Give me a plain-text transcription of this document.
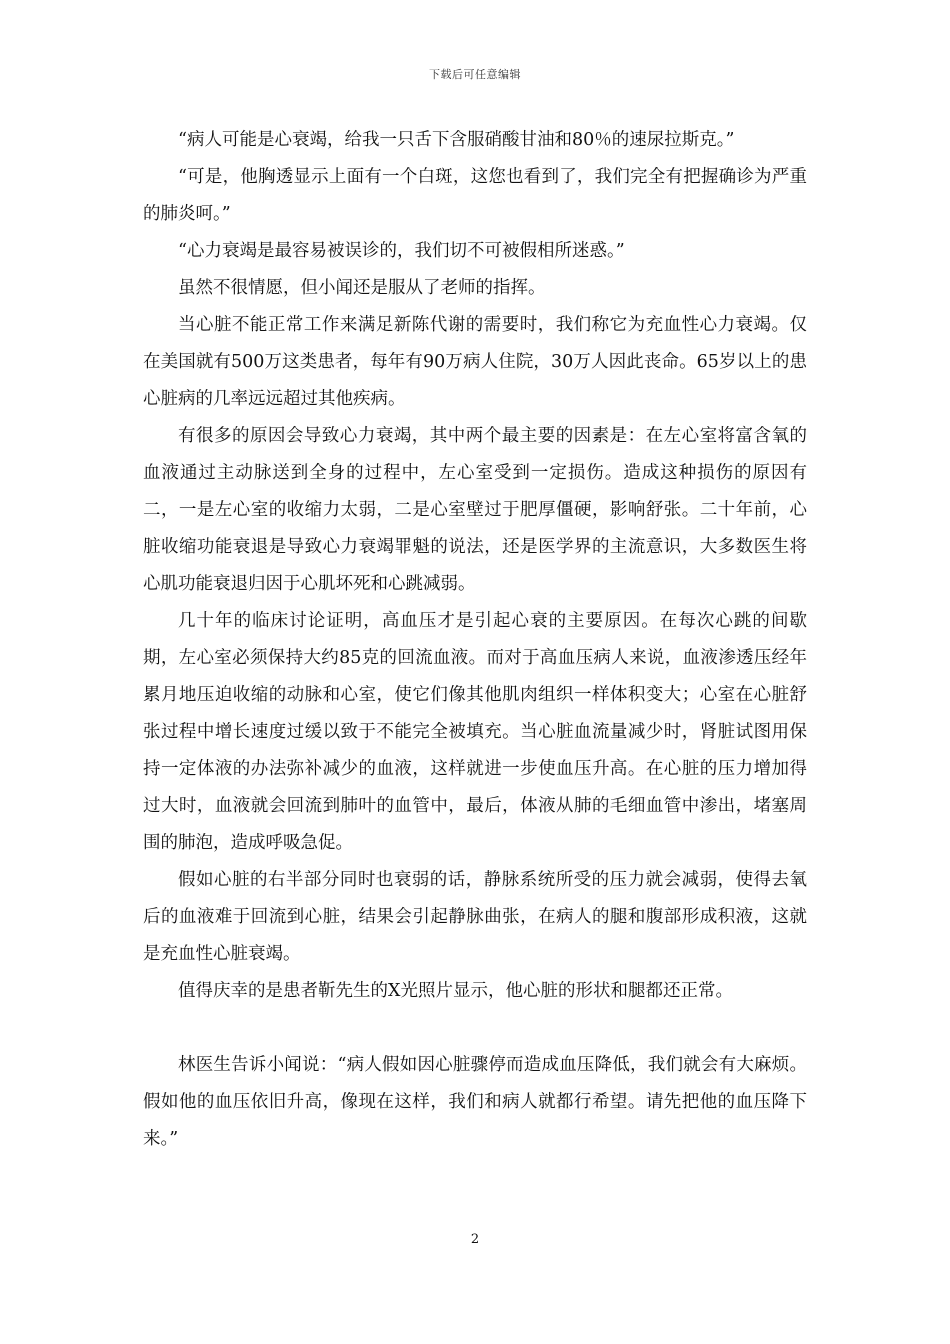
下载后可任意编辑

“病人可能是心衰竭，给我一只舌下含服硝酸甘油和80％的速尿拉斯克。”

“可是，他胸透显示上面有一个白斑，这您也看到了，我们完全有把握确诊为严重的肺炎呵。”

“心力衰竭是最容易被误诊的，我们切不可被假相所迷惑。”

虽然不很情愿，但小闻还是服从了老师的指挥。

当心脏不能正常工作来满足新陈代谢的需要时，我们称它为充血性心力衰竭。仅在美国就有500万这类患者，每年有90万病人住院，30万人因此丧命。65岁以上的患心脏病的几率远远超过其他疾病。

有很多的原因会导致心力衰竭，其中两个最主要的因素是：在左心室将富含氧的血液通过主动脉送到全身的过程中，左心室受到一定损伤。造成这种损伤的原因有二，一是左心室的收缩力太弱，二是心室壁过于肥厚僵硬，影响舒张。二十年前，心脏收缩功能衰退是导致心力衰竭罪魁的说法，还是医学界的主流意识，大多数医生将心肌功能衰退归因于心肌坏死和心跳减弱。

几十年的临床讨论证明，高血压才是引起心衰的主要原因。在每次心跳的间歇期，左心室必须保持大约85克的回流血液。而对于高血压病人来说，血液渗透压经年累月地压迫收缩的动脉和心室，使它们像其他肌肉组织一样体积变大；心室在心脏舒张过程中增长速度过缓以致于不能完全被填充。当心脏血流量减少时，肾脏试图用保持一定体液的办法弥补减少的血液，这样就进一步使血压升高。在心脏的压力增加得过大时，血液就会回流到肺叶的血管中，最后，体液从肺的毛细血管中渗出，堵塞周围的肺泡，造成呼吸急促。

假如心脏的右半部分同时也衰弱的话，静脉系统所受的压力就会减弱，使得去氧后的血液难于回流到心脏，结果会引起静脉曲张，在病人的腿和腹部形成积液，这就是充血性心脏衰竭。

值得庆幸的是患者靳先生的X光照片显示，他心脏的形状和腿都还正常。

林医生告诉小闻说：“病人假如因心脏骤停而造成血压降低，我们就会有大麻烦。假如他的血压依旧升高，像现在这样，我们和病人就都行希望。请先把他的血压降下来。”

2
